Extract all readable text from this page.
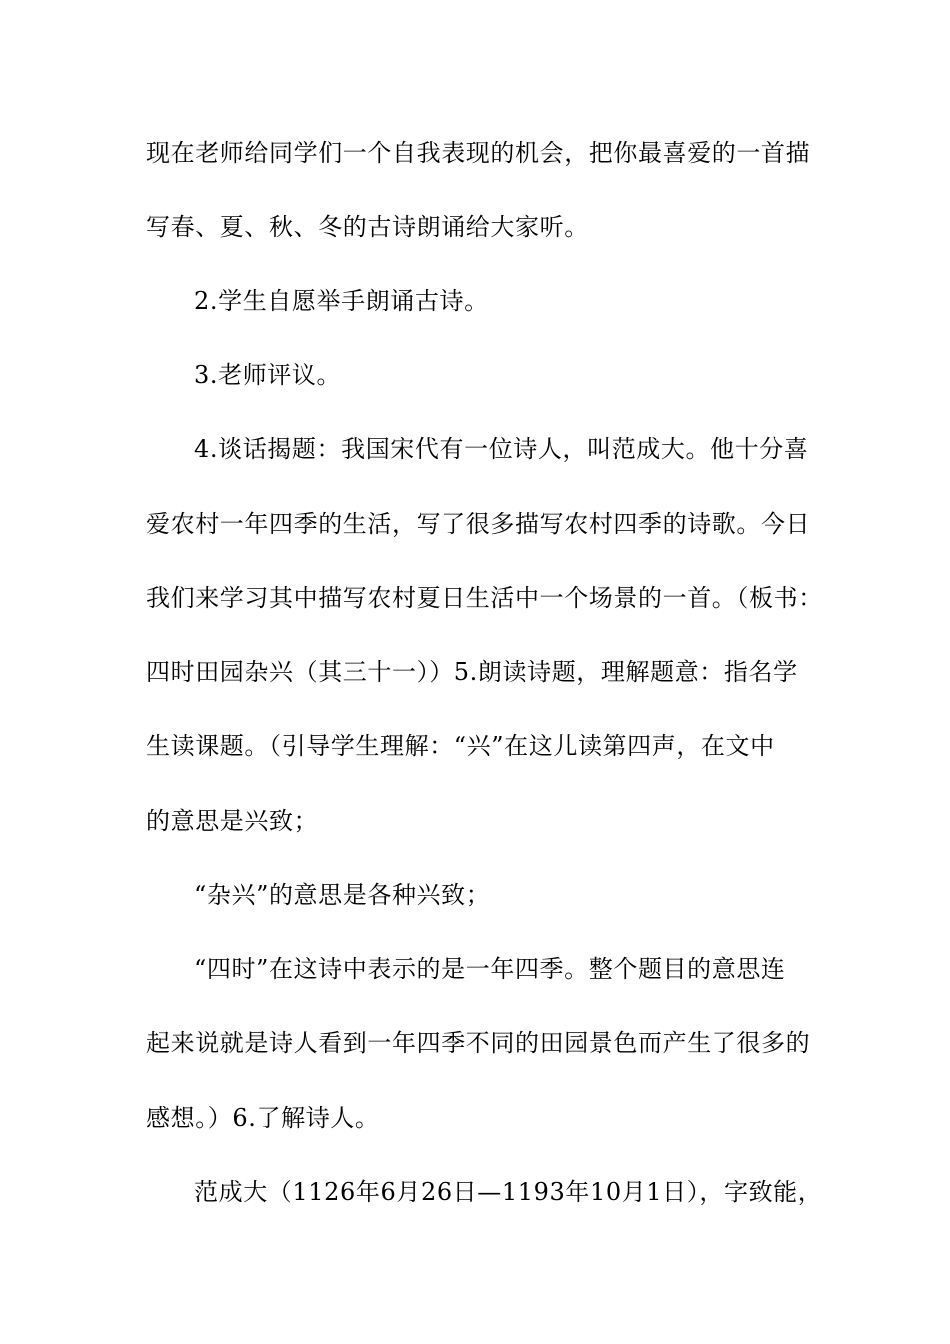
现在老师给同学们一个自我表现的机会，把你最喜爱的一首描
写春、夏、秋、冬的古诗朗诵给大家听。
2.学生自愿举手朗诵古诗。
3.老师评议。
4.谈话揭题：我国宋代有一位诗人，叫范成大。他十分喜
爱农村一年四季的生活，写了很多描写农村四季的诗歌。今日
我们来学习其中描写农村夏日生活中一个场景的一首。（板书：
四时田园杂兴（其三十一））5.朗读诗题，理解题意：指名学
生读课题。（引导学生理解：“兴”在这儿读第四声，在文中
的意思是兴致；
“杂兴”的意思是各种兴致；
“四时”在这诗中表示的是一年四季。整个题目的意思连
起来说就是诗人看到一年四季不同的田园景色而产生了很多的
感想。）6.了解诗人。
范成大（1126年6月26日—1193年10月1日），字致能，
